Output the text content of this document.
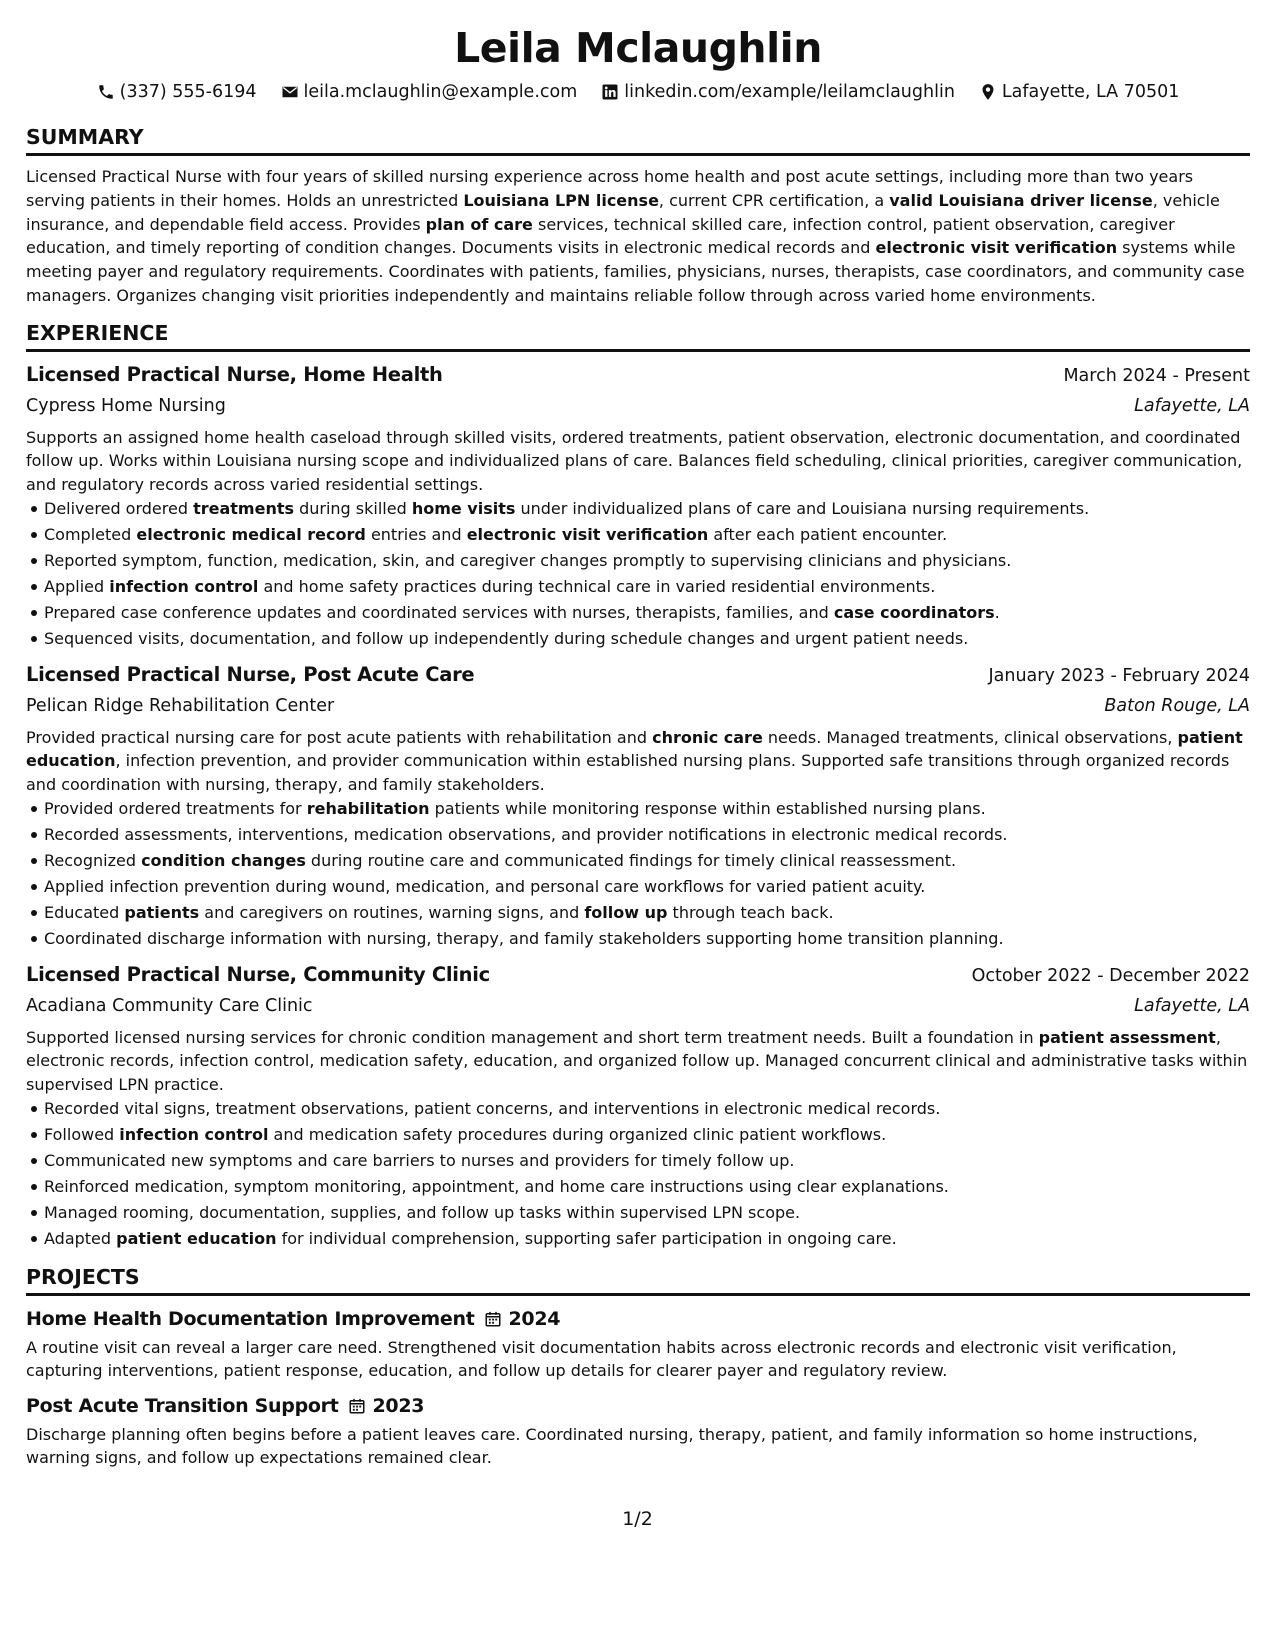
Leila Mclaughlin
(337) 555-6194	leila.mclaughlin@example.com	linkedin.com/example/leilamclaughlin	Lafayette, LA 70501
SUMMARY

Licensed Practical Nurse with four years of skilled nursing experience across home health and post acute settings, including more than two years serving patients in their homes. Holds an unrestricted Louisiana LPN license, current CPR certification, a valid Louisiana driver license, vehicle insurance, and dependable field access. Provides plan of care services, technical skilled care, infection control, patient observation, caregiver education, and timely reporting of condition changes. Documents visits in electronic medical records and electronic visit verification systems while meeting payer and regulatory requirements. Coordinates with patients, families, physicians, nurses, therapists, case coordinators, and community case managers. Organizes changing visit priorities independently and maintains reliable follow through across varied home environments.

EXPERIENCE
Licensed Practical Nurse, Home Health	March 2024 - Present
Cypress Home Nursing	Lafayette, LA

Supports an assigned home health caseload through skilled visits, ordered treatments, patient observation, electronic documentation, and coordinated follow up. Works within Louisiana nursing scope and individualized plans of care. Balances field scheduling, clinical priorities, caregiver communication, and regulatory records across varied residential settings.

Delivered ordered treatments during skilled home visits under individualized plans of care and Louisiana nursing requirements.
Completed electronic medical record entries and electronic visit verification after each patient encounter.
Reported symptom, function, medication, skin, and caregiver changes promptly to supervising clinicians and physicians.
Applied infection control and home safety practices during technical care in varied residential environments.
Prepared case conference updates and coordinated services with nurses, therapists, families, and case coordinators.
Sequenced visits, documentation, and follow up independently during schedule changes and urgent patient needs.
Licensed Practical Nurse, Post Acute Care	January 2023 - February 2024
Pelican Ridge Rehabilitation Center	Baton Rouge, LA

Provided practical nursing care for post acute patients with rehabilitation and chronic care needs. Managed treatments, clinical observations, patient education, infection prevention, and provider communication within established nursing plans. Supported safe transitions through organized records and coordination with nursing, therapy, and family stakeholders.

Provided ordered treatments for rehabilitation patients while monitoring response within established nursing plans.
Recorded assessments, interventions, medication observations, and provider notifications in electronic medical records.
Recognized condition changes during routine care and communicated findings for timely clinical reassessment.
Applied infection prevention during wound, medication, and personal care workflows for varied patient acuity.
Educated patients and caregivers on routines, warning signs, and follow up through teach back.
Coordinated discharge information with nursing, therapy, and family stakeholders supporting home transition planning.
Licensed Practical Nurse, Community Clinic	October 2022 - December 2022
Acadiana Community Care Clinic	Lafayette, LA

Supported licensed nursing services for chronic condition management and short term treatment needs. Built a foundation in patient assessment, electronic records, infection control, medication safety, education, and organized follow up. Managed concurrent clinical and administrative tasks within supervised LPN practice.

Recorded vital signs, treatment observations, patient concerns, and interventions in electronic medical records.
Followed infection control and medication safety procedures during organized clinic patient workflows.
Communicated new symptoms and care barriers to nurses and providers for timely follow up.
Reinforced medication, symptom monitoring, appointment, and home care instructions using clear explanations.
Managed rooming, documentation, supplies, and follow up tasks within supervised LPN scope.
Adapted patient education for individual comprehension, supporting safer participation in ongoing care.
PROJECTS
Home Health Documentation Improvement 2024

A routine visit can reveal a larger care need. Strengthened visit documentation habits across electronic records and electronic visit verification, capturing interventions, patient response, education, and follow up details for clearer payer and regulatory review.

Post Acute Transition Support 2023

Discharge planning often begins before a patient leaves care. Coordinated nursing, therapy, patient, and family information so home instructions, warning signs, and follow up expectations remained clear.

1/2
